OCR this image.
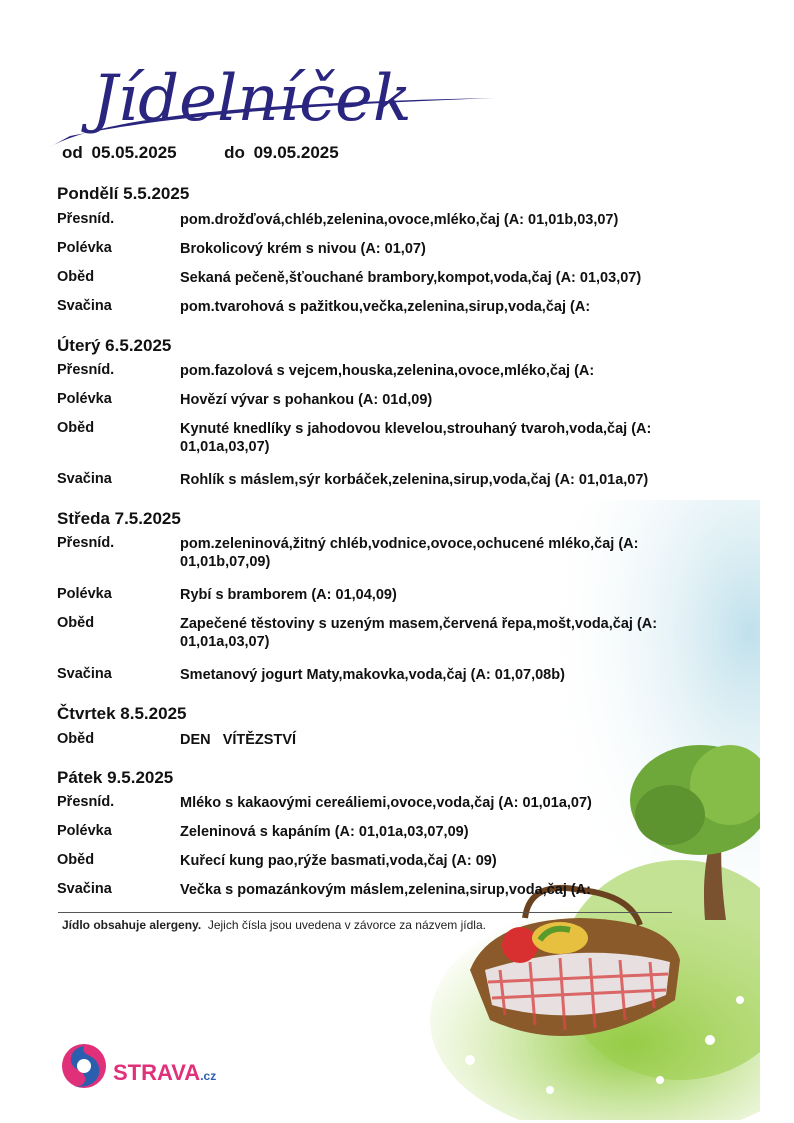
Jídelníček
od 05.05.2025	do 09.05.2025
Pondělí 5.5.2025
Přesníd.	pom.drožďová,chléb,zelenina,ovoce,mléko,čaj (A: 01,01b,03,07)
Polévka	Brokolicový krém s nivou (A: 01,07)
Oběd	Sekaná pečeně,šťouchané brambory,kompot,voda,čaj (A: 01,03,07)
Svačina	pom.tvarohová s pažitkou,večka,zelenina,sirup,voda,čaj (A:
Úterý 6.5.2025
Přesníd.	pom.fazolová s vejcem,houska,zelenina,ovoce,mléko,čaj (A:
Polévka	Hovězí vývar s pohankou (A: 01d,09)
Oběd	Kynuté knedlíky s jahodovou klevelou,strouhaný tvaroh,voda,čaj (A: 01,01a,03,07)
Svačina	Rohlík s máslem,sýr korbáček,zelenina,sirup,voda,čaj (A: 01,01a,07)
Středa 7.5.2025
Přesníd.	pom.zeleninová,žitný chléb,vodnice,ovoce,ochucené mléko,čaj (A: 01,01b,07,09)
Polévka	Rybí s bramborem (A: 01,04,09)
Oběd	Zapečené těstoviny s uzeným masem,červená řepa,mošt,voda,čaj (A: 01,01a,03,07)
Svačina	Smetanový jogurt Maty,makovka,voda,čaj (A: 01,07,08b)
Čtvrtek 8.5.2025
Oběd	DEN   VÍTĚZSTVÍ
Pátek 9.5.2025
Přesníd.	Mléko s kakaovými cereáliemi,ovoce,voda,čaj (A: 01,01a,07)
Polévka	Zeleninová s kapáním (A: 01,01a,03,07,09)
Oběd	Kuřecí kung pao,rýže basmati,voda,čaj (A: 09)
Svačina	Večka s pomazánkovým máslem,zelenina,sirup,voda,čaj (A:
Jídlo obsahuje alergeny.  Jejich čísla jsou uvedena v závorce za názvem jídla.
STRAVA.cz
